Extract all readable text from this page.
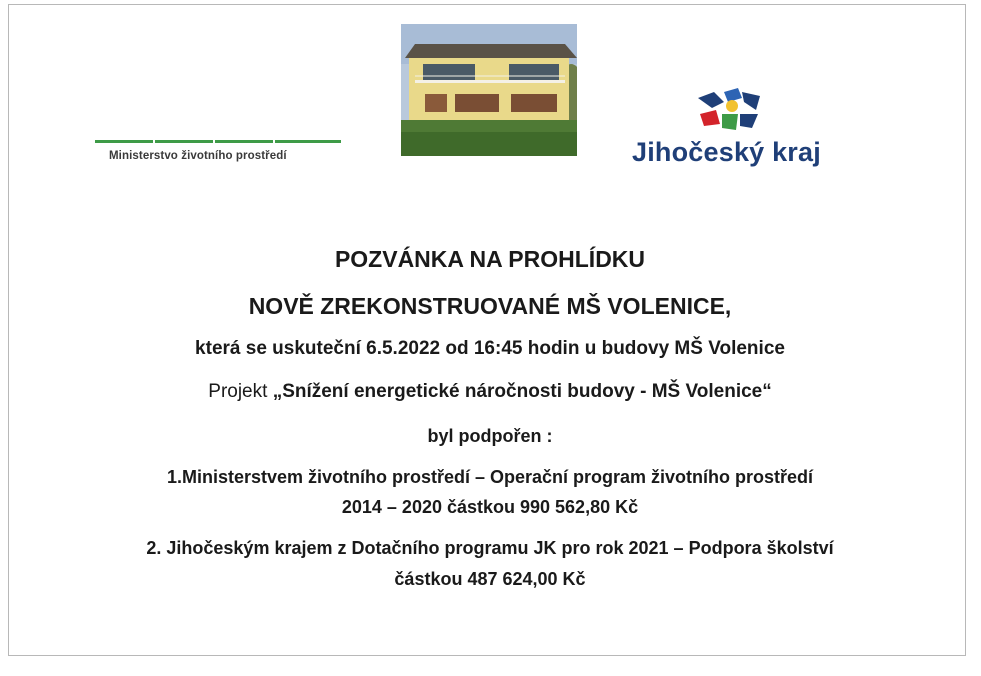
Ministerstvo životního prostředí	Jihočeský kraj
POZVÁNKA NA PROHLÍDKU
NOVĚ ZREKONSTRUOVANÉ MŠ VOLENICE,
která se uskuteční 6.5.2022 od 16:45 hodin u budovy MŠ Volenice
Projekt „Snížení energetické náročnosti budovy - MŠ Volenice“
byl podpořen :
1.Ministerstvem životního prostředí – Operační program životního prostředí
2014 – 2020 částkou 990 562,80 Kč
2. Jihočeským krajem z Dotačního programu JK pro rok 2021 – Podpora školství
částkou 487 624,00 Kč
